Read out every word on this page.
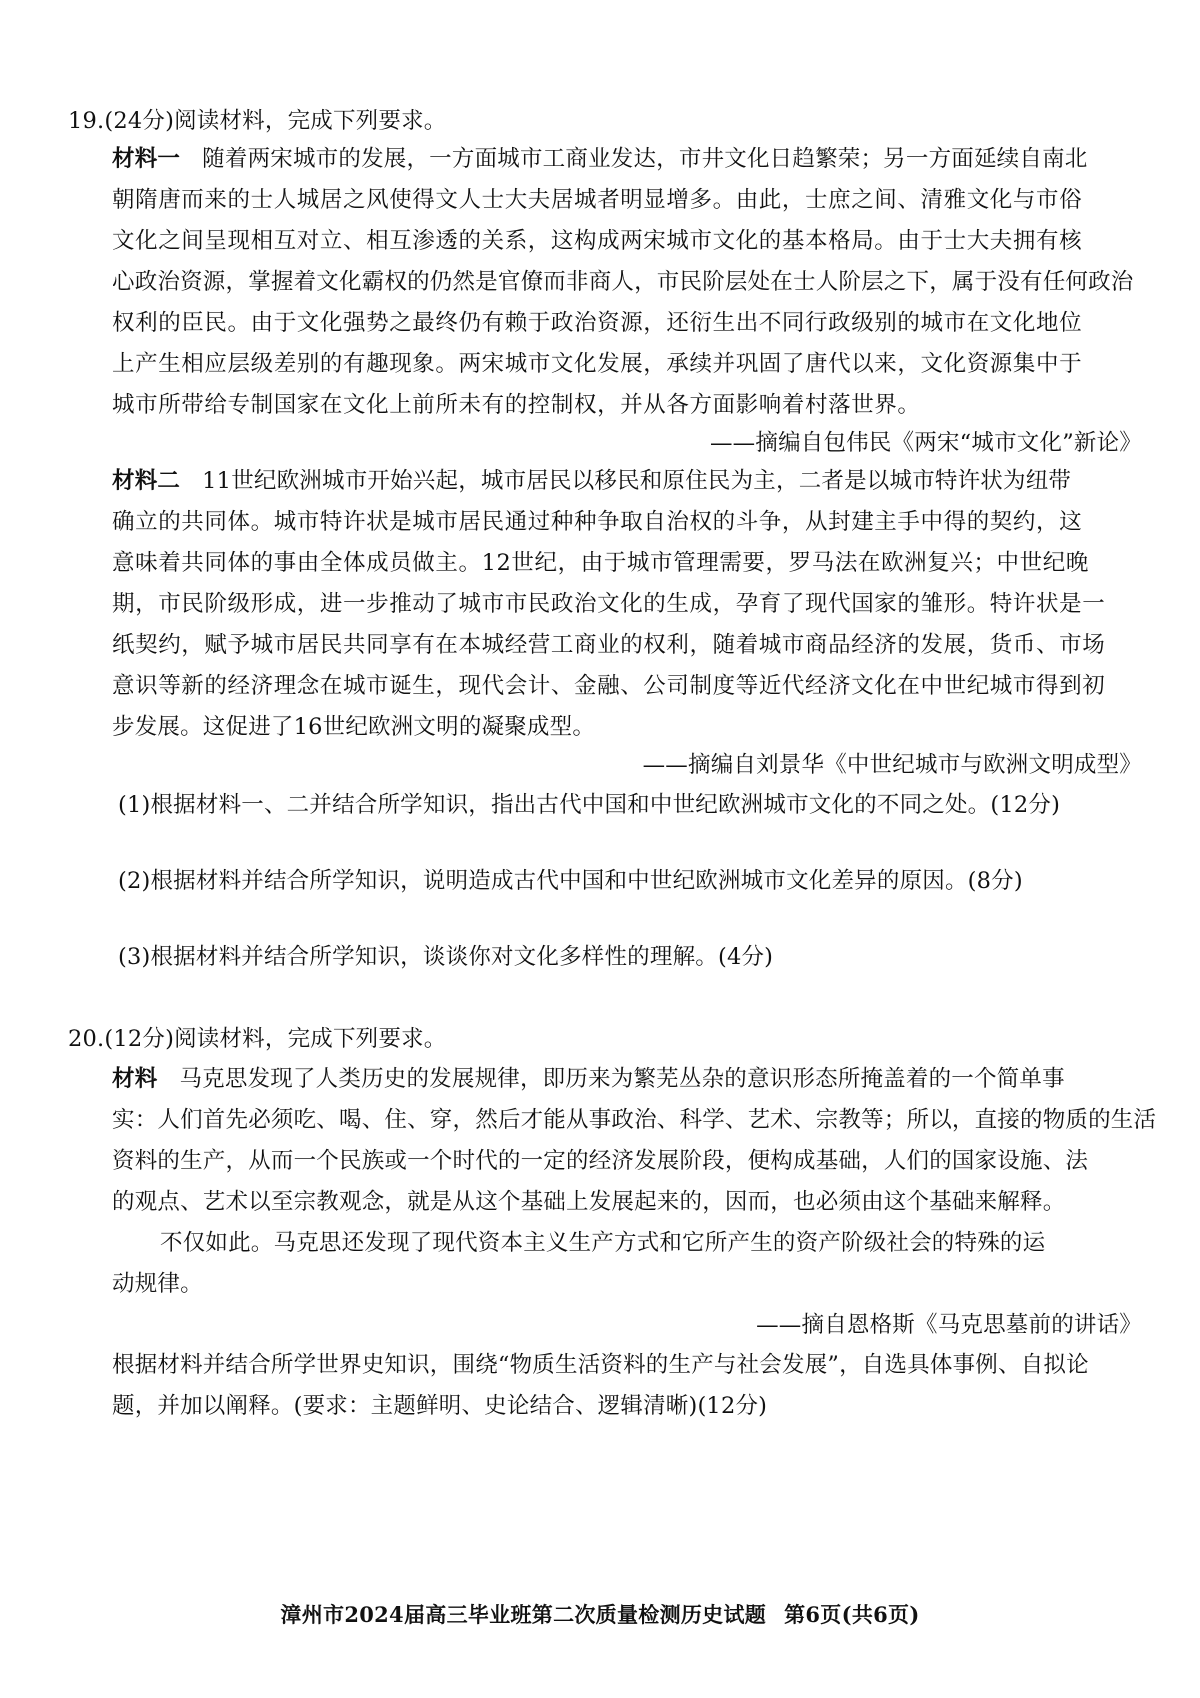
19.(24分)阅读材料，完成下列要求。
材料一 随着两宋城市的发展，一方面城市工商业发达，市井文化日趋繁荣；另一方面延续自南北
朝隋唐而来的士人城居之风使得文人士大夫居城者明显增多。由此，士庶之间、清雅文化与市俗
文化之间呈现相互对立、相互渗透的关系，这构成两宋城市文化的基本格局。由于士大夫拥有核
心政治资源，掌握着文化霸权的仍然是官僚而非商人，市民阶层处在士人阶层之下，属于没有任何政治
权利的臣民。由于文化强势之最终仍有赖于政治资源，还衍生出不同行政级别的城市在文化地位
上产生相应层级差别的有趣现象。两宋城市文化发展，承续并巩固了唐代以来，文化资源集中于
城市所带给专制国家在文化上前所未有的控制权，并从各方面影响着村落世界。
——摘编自包伟民《两宋“城市文化”新论》
材料二 11世纪欧洲城市开始兴起，城市居民以移民和原住民为主，二者是以城市特许状为纽带
确立的共同体。城市特许状是城市居民通过种种争取自治权的斗争，从封建主手中得的契约，这
意味着共同体的事由全体成员做主。12世纪，由于城市管理需要，罗马法在欧洲复兴；中世纪晚
期，市民阶级形成，进一步推动了城市市民政治文化的生成，孕育了现代国家的雏形。特许状是一
纸契约，赋予城市居民共同享有在本城经营工商业的权利，随着城市商品经济的发展，货币、市场
意识等新的经济理念在城市诞生，现代会计、金融、公司制度等近代经济文化在中世纪城市得到初
步发展。这促进了16世纪欧洲文明的凝聚成型。
——摘编自刘景华《中世纪城市与欧洲文明成型》
(1)根据材料一、二并结合所学知识，指出古代中国和中世纪欧洲城市文化的不同之处。(12分)
(2)根据材料并结合所学知识，说明造成古代中国和中世纪欧洲城市文化差异的原因。(8分)
(3)根据材料并结合所学知识，谈谈你对文化多样性的理解。(4分)
20.(12分)阅读材料，完成下列要求。
材料 马克思发现了人类历史的发展规律，即历来为繁芜丛杂的意识形态所掩盖着的一个简单事
实：人们首先必须吃、喝、住、穿，然后才能从事政治、科学、艺术、宗教等；所以，直接的物质的生活
资料的生产，从而一个民族或一个时代的一定的经济发展阶段，便构成基础，人们的国家设施、法
的观点、艺术以至宗教观念，就是从这个基础上发展起来的，因而，也必须由这个基础来解释。
不仅如此。马克思还发现了现代资本主义生产方式和它所产生的资产阶级社会的特殊的运
动规律。
——摘自恩格斯《马克思墓前的讲话》
根据材料并结合所学世界史知识，围绕“物质生活资料的生产与社会发展”，自选具体事例、自拟论
题，并加以阐释。(要求：主题鲜明、史论结合、逻辑清晰)(12分)
漳州市2024届高三毕业班第二次质量检测历史试题 第6页(共6页)
